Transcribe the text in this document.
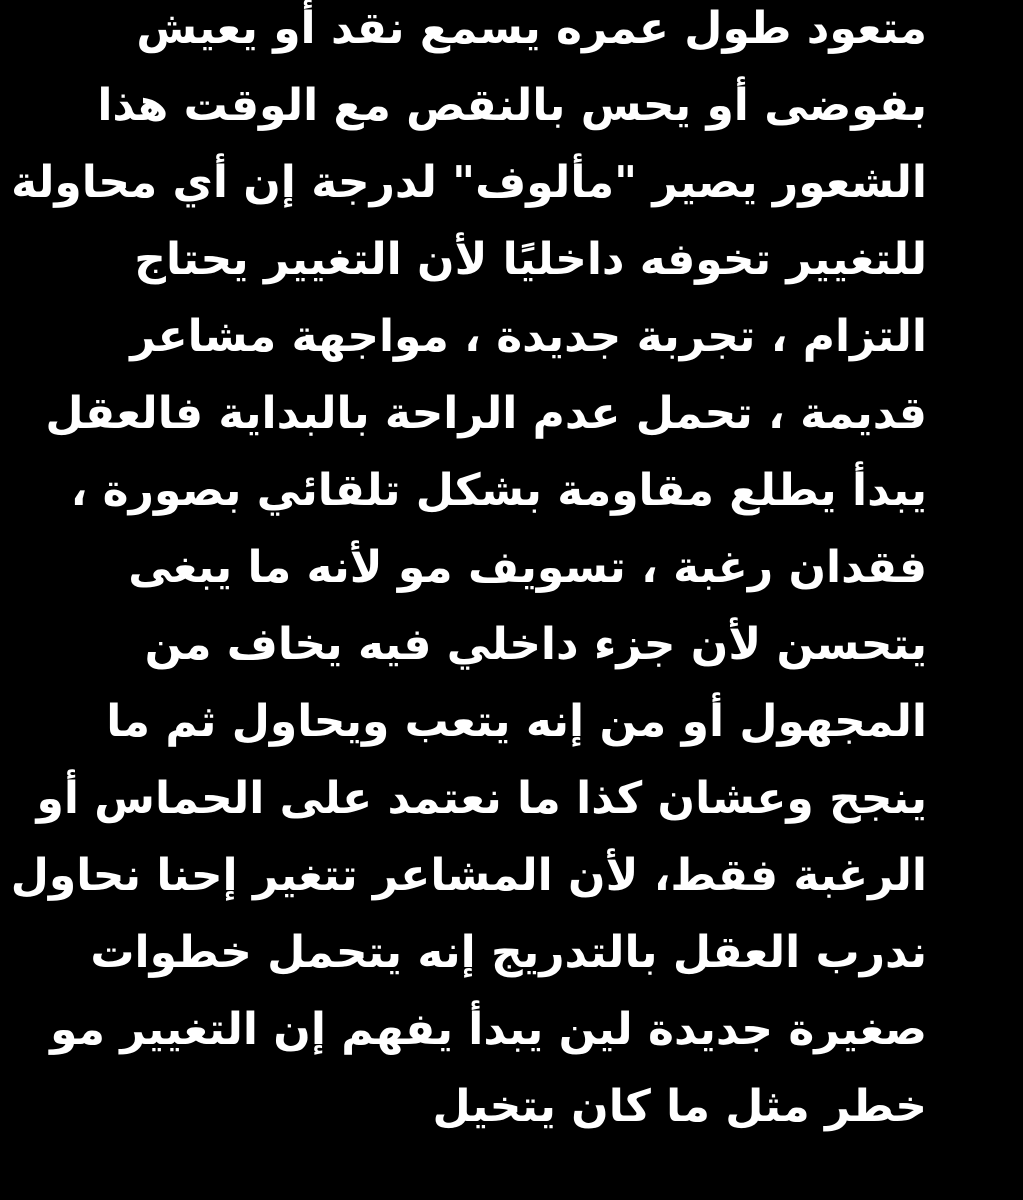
متعود طول عمره يسمع نقد أو يعيش
بفوضى أو يحس بالنقص مع الوقت هذا
الشعور يصير "مألوف" لدرجة إن أي محاولة
للتغيير تخوفه داخليًا لأن التغيير يحتاج
التزام ، تجربة جديدة ، مواجهة مشاعر
قديمة ، تحمل عدم الراحة بالبداية فالعقل
يبدأ يطلع مقاومة بشكل تلقائي بصورة ،
فقدان رغبة ، تسويف مو لأنه ما يبغى
يتحسن لأن جزء داخلي فيه يخاف من
المجهول أو من إنه يتعب ويحاول ثم ما
ينجح وعشان كذا ما نعتمد على الحماس أو
الرغبة فقط، لأن المشاعر تتغير إحنا نحاول
ندرب العقل بالتدريج إنه يتحمل خطوات
صغيرة جديدة لين يبدأ يفهم إن التغيير مو
خطر مثل ما كان يتخيل
